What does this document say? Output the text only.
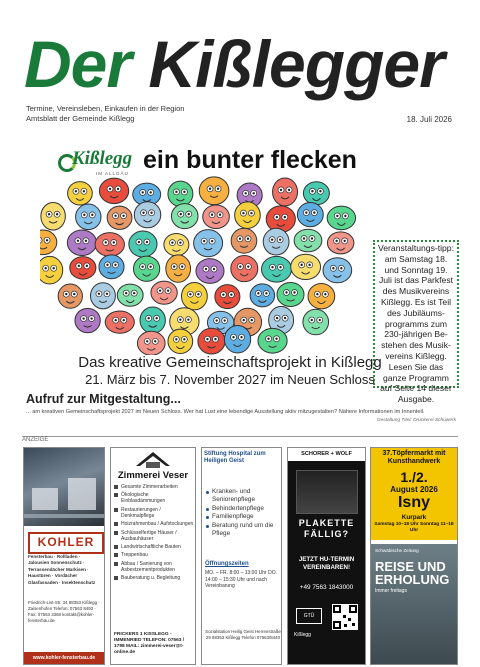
Der Kißlegger
Termine, Vereinsleben, Einkaufen in der Region
Amtsblatt der Gemeinde Kißlegg	18. Juli 2026
Kißlegg
IM ALLGÄU ein bunter flecken
Veranstaltungs-tipp: am Samstag 18. und Sonntag 19. Juli ist das Parkfest des Musikvereins Kißlegg. Es ist Teil des Jubiläums-programms zum 230-jährigen Be-stehen des Musik-vereins Kißlegg. Lesen Sie das ganze Programm auf Seite 14 dieser Ausgabe.
Das kreative Gemeinschaftsprojekt in Kißlegg
21. März bis 7. November 2027 im Neuen Schloss
Aufruf zur Mitgestaltung...
... am kreativen Gemeinschaftsprojekt 2027 im Neuen Schloss. Wer hat Lust eine lebendige Ausstellung aktiv mitzugestalten? Nähere Informationen im Innenteil.
Gestaltung Titel: Druckerei Schuwerk
ANZEIGE
KOHLER
Fensterbau · Rollladen · Jalousien Sonnenschutz · Terrassendächer Markisen · Haustüren · Vordächer Glasfassaden · Insektenschutz
Friedrich-List-Str. 34 88353 Kißlegg · Zaisenhofen Telefon: 07563 8493 · Fax: 07563 3368 kontakt@kohler-fensterbau.de
www.kohler-fensterbau.de
Zimmerei Veser
Gesamte Zimmerarbeiten
Ökologische Einblasdämmungen
Restaurierungen / Denkmalpflege
Holzrahmenbau / Aufstockungen
Schlüsselfertige Häuser / Ausbauhäuser
Landwirtschaftliche Bauten
Treppenbau
Abbau / Sanierung von Asbestzementprodukten
Bauberatung u. Begleitung
FRICKERS 1 KISSLEGG - IMMENRIED TELEFON: 07563 / 1798 MAIL: zimmerei-veser@t-online.de
Stiftung Hospital zum Heiligen Geist
Kranken- und Seniorenpflege
Behindertenpflege
Familienpflege
Beratung rund um die Pflege
Öffnungszeiten
MO. – FR. 8:00 – 13:00 Uhr DO. 14:00 – 15:30 Uhr und nach Vereinbarung
Sozialstation Heilig Geist Herrenstraße 29 88353 Kißlegg Telefon 07563/8440
SCHORER + WOLF
PLAKETTE FÄLLIG?
JETZT HU-TERMIN VEREINBAREN!
+49 7563 1843000
GTÜ
Kißlegg
37.Töpfermarkt mit Kunsthandwerk
1./2.
August 2026
Isny
Kurpark
Samstag 10–18 Uhr Sonntag 11–18 Uhr
Schwäbische Zeitung
REISE UND ERHOLUNG
Immer freitags
